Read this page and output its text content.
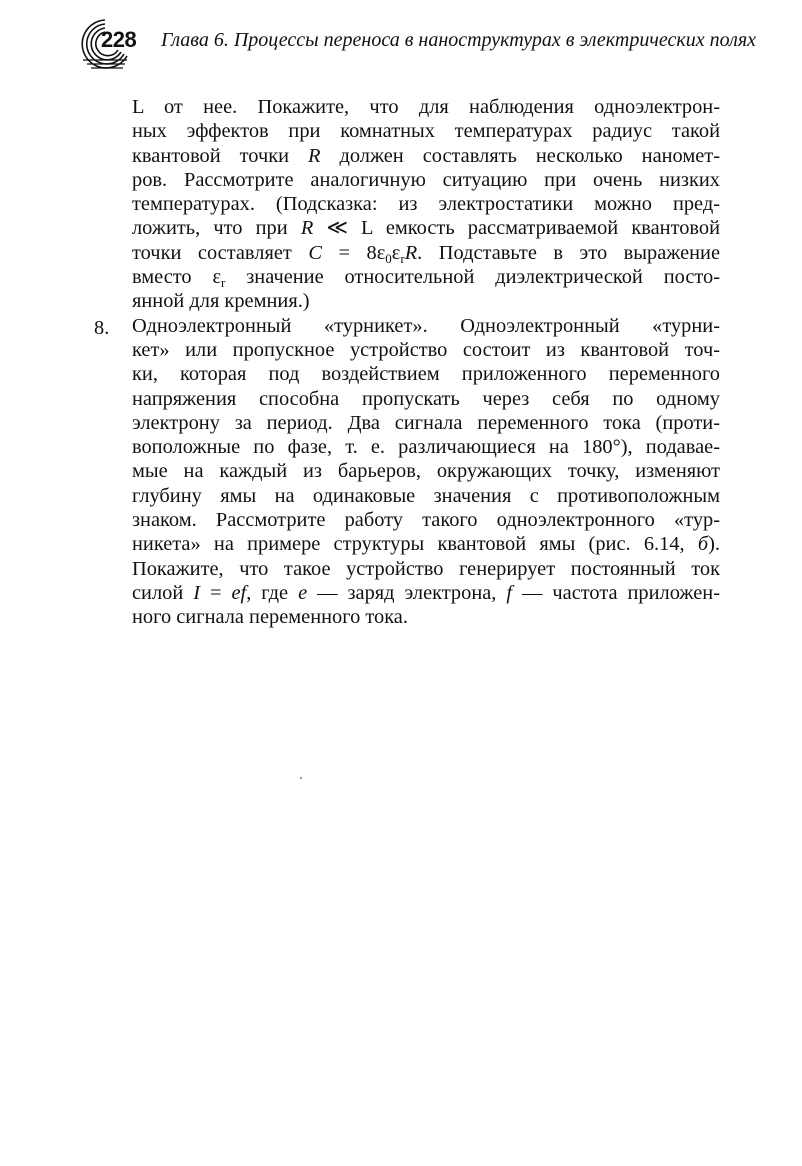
228 Глава 6. Процессы переноса в наноструктурах в электрических полях
L от нее. Покажите, что для наблюдения одноэлектрон-
ных эффектов при комнатных температурах радиус такой
квантовой точки R должен составлять несколько наномет-
ров. Рассмотрите аналогичную ситуацию при очень низких
температурах. (Подсказка: из электростатики можно пред-
ложить, что при R ≪ L емкость рассматриваемой квантовой
точки составляет $C = 8\varepsilon_0\varepsilon_rR$. Подставьте в это выражение
вместо $\varepsilon_r$ значение относительной диэлектрической посто-
янной для кремния.)
Одноэлектронный «турникет». Одноэлектронный «турни-
кет» или пропускное устройство состоит из квантовой точ-
ки, которая под воздействием приложенного переменного
напряжения способна пропускать через себя по одному
электрону за период. Два сигнала переменного тока (проти-
воположные по фазе, т. е. различающиеся на 180°), подавае-
мые на каждый из барьеров, окружающих точку, изменяют
глубину ямы на одинаковые значения с противоположным
знаком. Рассмотрите работу такого одноэлектронного «тур-
никета» на примере структуры квантовой ямы (рис. 6.14, б).
Покажите, что такое устройство генерирует постоянный ток
силой I = ef, где e — заряд электрона, f — частота приложен-
ного сигнала переменного тока.
8.
